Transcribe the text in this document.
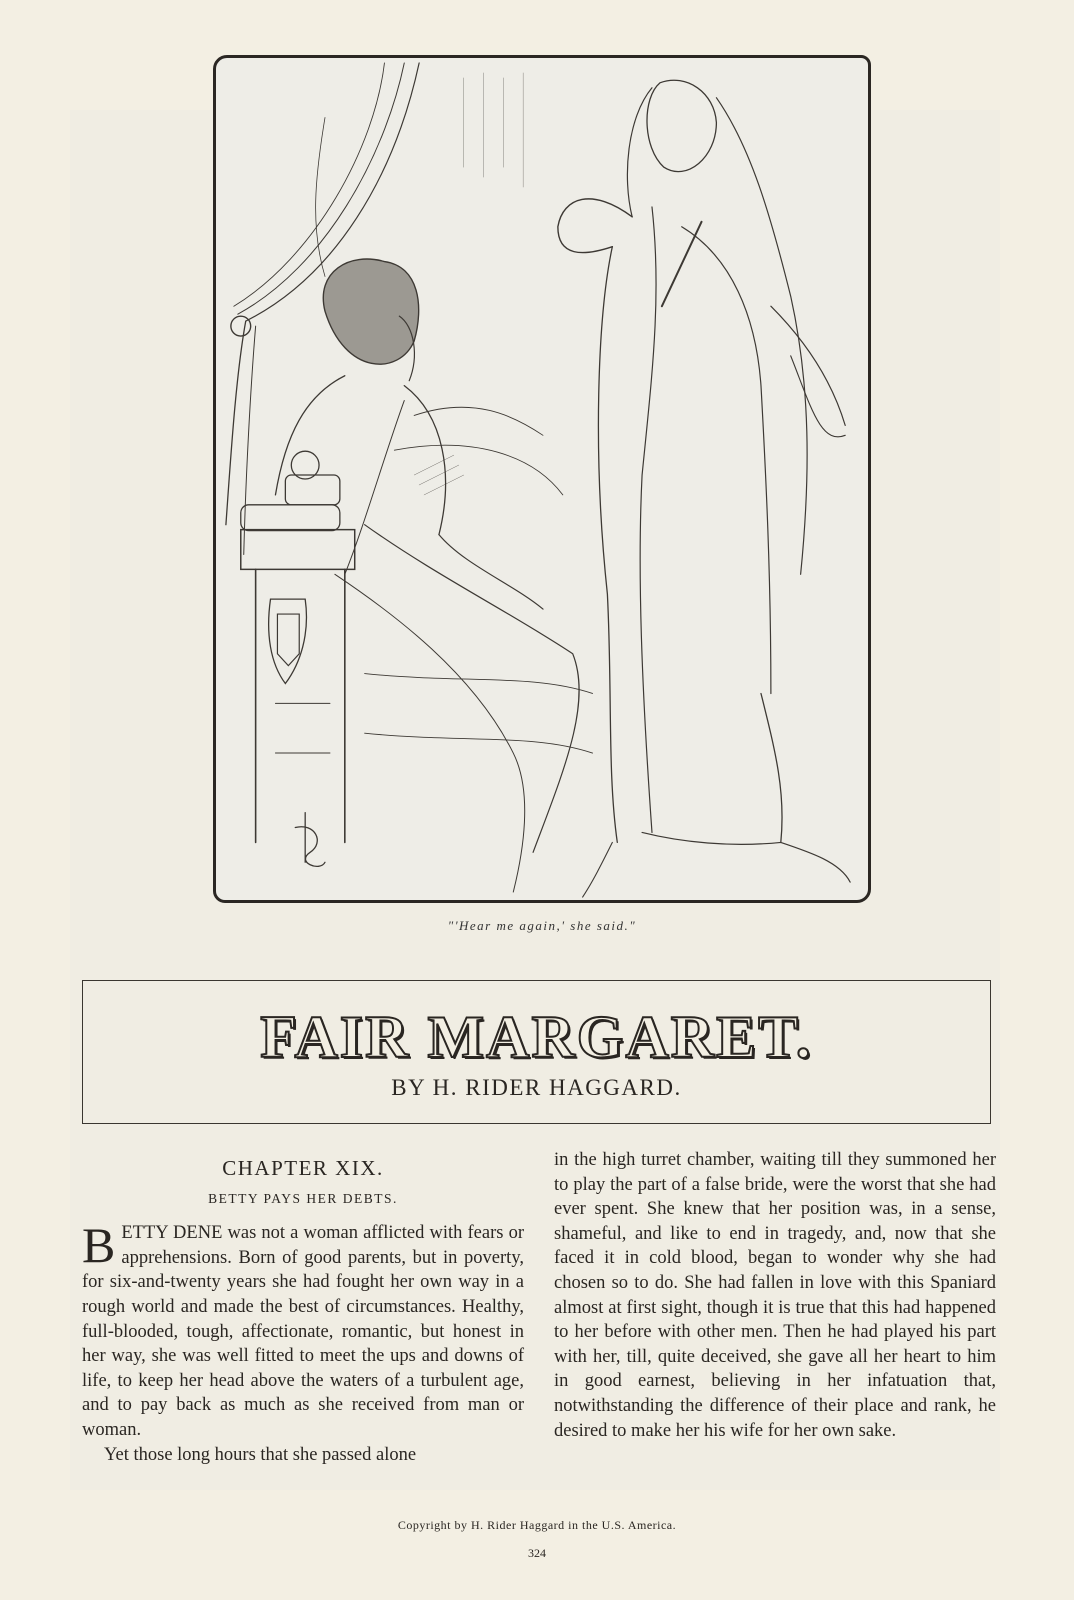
"'Hear me again,' she said."
FAIR MARGARET.
BY H. RIDER HAGGARD.
CHAPTER XIX.
BETTY PAYS HER DEBTS.

BETTY DENE was not a woman afflicted with fears or apprehensions. Born of good parents, but in poverty, for six-and-twenty years she had fought her own way in a rough world and made the best of circumstances. Healthy, full-blooded, tough, affectionate, romantic, but honest in her way, she was well fitted to meet the ups and downs of life, to keep her head above the waters of a turbulent age, and to pay back as much as she received from man or woman.

Yet those long hours that she passed alone

in the high turret chamber, waiting till they summoned her to play the part of a false bride, were the worst that she had ever spent. She knew that her position was, in a sense, shameful, and like to end in tragedy, and, now that she faced it in cold blood, began to wonder why she had chosen so to do. She had fallen in love with this Spaniard almost at first sight, though it is true that this had happened to her before with other men. Then he had played his part with her, till, quite deceived, she gave all her heart to him in good earnest, believing in her infatuation that, notwithstanding the difference of their place and rank, he desired to make her his wife for her own sake.

Copyright by H. Rider Haggard in the U.S. America.
324
